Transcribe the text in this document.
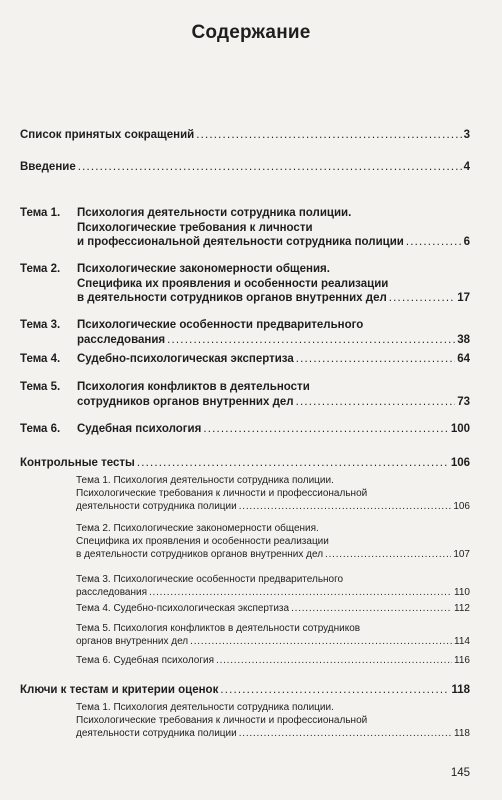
Содержание
Список принятых сокращений . . .	3
Введение . . .	4
Тема 1.	Психология деятельности сотрудника полиции.
Психологические требования к личности
и профессиональной деятельности сотрудника полиции . . .	6
Тема 2.	Психологические закономерности общения.
Специфика их проявления и особенности реализации
в деятельности сотрудников органов внутренних дел . . .	17
Тема 3.	Психологические особенности предварительного
расследования . . .	38
Тема 4.	Судебно-психологическая экспертиза . . .	64
Тема 5.	Психология конфликтов в деятельности
сотрудников органов внутренних дел . . .	73
Тема 6.	Судебная психология . . .	100
Контрольные тесты . . .	106
Тема 1. Психология деятельности сотрудника полиции.
Психологические требования к личности и профессиональной
деятельности сотрудника полиции . . .	106
Тема 2. Психологические закономерности общения.
Специфика их проявления и особенности реализации
в деятельности сотрудников органов внутренних дел . . .	107
Тема 3. Психологические особенности предварительного
расследования . . .	110
Тема 4. Судебно-психологическая экспертиза . . .	112
Тема 5. Психология конфликтов в деятельности сотрудников
органов внутренних дел . . .	114
Тема 6. Судебная психология . . .	116
Ключи к тестам и критерии оценок . . .	118
Тема 1. Психология деятельности сотрудника полиции.
Психологические требования к личности и профессиональной
деятельности сотрудника полиции . . .	118
145
